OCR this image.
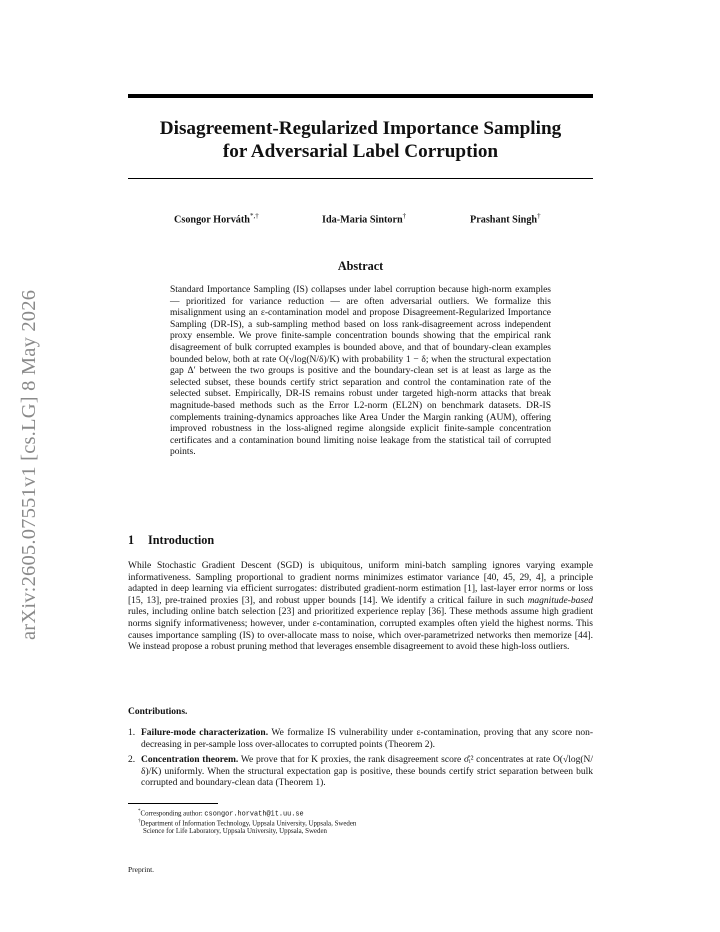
arXiv:2605.07551v1 [cs.LG] 8 May 2026
Disagreement-Regularized Importance Sampling
for Adversarial Label Corruption
Csongor Horváth*,†	Ida-Maria Sintorn†	Prashant Singh†
Abstract
Standard Importance Sampling (IS) collapses under label corruption because high-norm examples — prioritized for variance reduction — are often adversarial outliers. We formalize this misalignment using an ε-contamination model and propose Disagreement-Regularized Importance Sampling (DR-IS), a sub-sampling method based on loss rank-disagreement across independent proxy ensemble. We prove finite-sample concentration bounds showing that the empirical rank disagreement of bulk corrupted examples is bounded above, and that of boundary-clean examples bounded below, both at rate O(√log(N/δ)/K) with probability 1 − δ; when the structural expectation gap Δ′ between the two groups is positive and the boundary-clean set is at least as large as the selected subset, these bounds certify strict separation and control the contamination rate of the selected subset. Empirically, DR-IS remains robust under targeted high-norm attacks that break magnitude-based methods such as the Error L2-norm (EL2N) on benchmark datasets. DR-IS complements training-dynamics approaches like Area Under the Margin ranking (AUM), offering improved robustness in the loss-aligned regime alongside explicit finite-sample concentration certificates and a contamination bound limiting noise leakage from the statistical tail of corrupted points.
1 Introduction
While Stochastic Gradient Descent (SGD) is ubiquitous, uniform mini-batch sampling ignores varying example informativeness. Sampling proportional to gradient norms minimizes estimator variance [40, 45, 29, 4], a principle adapted in deep learning via efficient surrogates: distributed gradient-norm estimation [1], last-layer error norms or loss [15, 13], pre-trained proxies [3], and robust upper bounds [14]. We identify a critical failure in such magnitude-based rules, including online batch selection [23] and prioritized experience replay [36]. These methods assume high gradient norms signify informativeness; however, under ε-contamination, corrupted examples often yield the highest norms. This causes importance sampling (IS) to over-allocate mass to noise, which over-parametrized networks then memorize [44]. We instead propose a robust pruning method that leverages ensemble disagreement to avoid these high-loss outliers.
Contributions.
1. Failure-mode characterization. We formalize IS vulnerability under ε-contamination, proving that any score non-decreasing in per-sample loss over-allocates to corrupted points (Theorem 2).
2. Concentration theorem. We prove that for K proxies, the rank disagreement score σ̂ᵢ² concentrates at rate O(√log(N/δ)/K) uniformly. When the structural expectation gap is positive, these bounds certify strict separation between bulk corrupted and boundary-clean data (Theorem 1).
*Corresponding author: csongor.horvath@it.uu.se
†Department of Information Technology, Uppsala University, Uppsala, Sweden
Science for Life Laboratory, Uppsala University, Uppsala, Sweden
Preprint.
